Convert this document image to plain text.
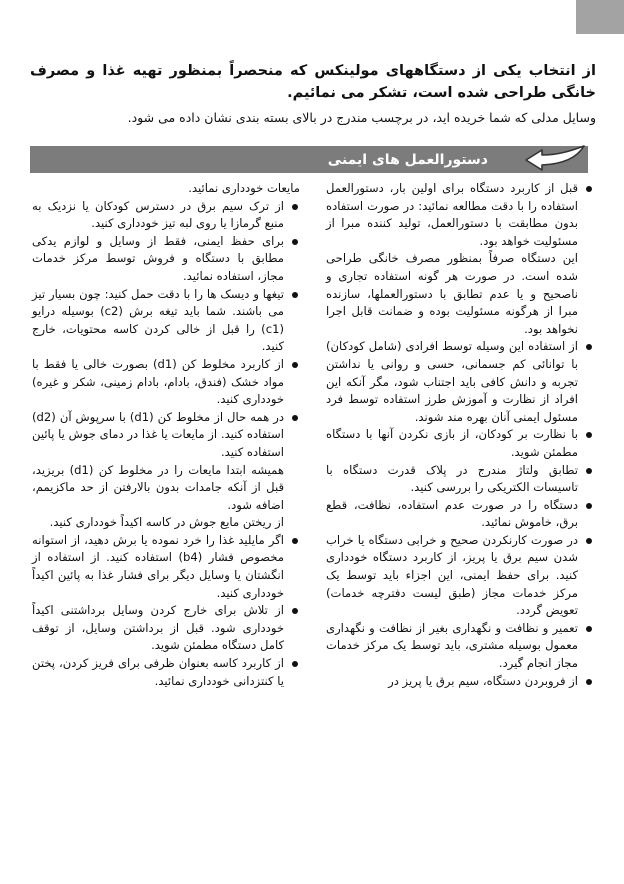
از انتخاب یکی از دستگاههای مولینکس که منحصراً بمنظور تهیه غذا و مصرف خانگی طراحی شده است، تشکر می نمائیم.

وسایل مدلی که شما خریده اید، در برچسب مندرج در بالای بسته بندی نشان داده می شود.

دستورالعمل های ایمنی

قبل از کاربرد دستگاه برای اولین بار، دستورالعمل استفاده را با دقت مطالعه نمائید: در صورت استفاده بدون مطابقت با دستورالعمل، تولید کننده مبرا از مسئولیت خواهد بود.

این دستگاه صرفاً بمنظور مصرف خانگی طراحی شده است. در صورت هر گونه استفاده تجاری و ناصحیح و یا عدم تطابق با دستورالعملها، سازنده مبرا از هرگونه مسئولیت بوده و ضمانت قابل اجرا نخواهد بود.

از استفاده این وسیله توسط افرادی (شامل کودکان) با توانائی کم جسمانی، حسی و روانی یا نداشتن تجربه و دانش کافی باید اجتناب شود، مگر آنکه این افراد از نظارت و آموزش طرز استفاده توسط فرد مسئول ایمنی آنان بهره مند شوند.

با نظارت بر کودکان، از بازی نکردن آنها با دستگاه مطمئن شوید.

تطابق ولتاژ مندرج در پلاک قدرت دستگاه با تاسیسات الکتریکی را بررسی کنید.

دستگاه را در صورت عدم استفاده، نظافت، قطع برق، خاموش نمائید.

در صورت کارنکردن صحیح و خرابی دستگاه یا خراب شدن سیم برق یا پریز، از کاربرد دستگاه خودداری کنید. برای حفظ ایمنی، این اجزاء باید توسط یک مرکز خدمات مجاز (طبق لیست دفترچه خدمات) تعویض گردد.

تعمیر و نظافت و نگهداری بغیر از نظافت و نگهداری معمول بوسیله مشتری، باید توسط یک مرکز خدمات مجاز انجام گیرد.

از فروبردن دستگاه، سیم برق یا پریز در

مایعات خودداری نمائید.

از ترک سیم برق در دسترس کودکان یا نزدیک به منبع گرمازا یا روی لبه تیز خودداری کنید.

برای حفظ ایمنی، فقط از وسایل و لوازم یدکی مطابق با دستگاه و فروش توسط مرکز خدمات مجاز، استفاده نمائید.

تیغها و دیسک ها را با دقت حمل کنید: چون بسیار تیز می باشند. شما باید تیغه برش (c2) بوسیله درایو (c1) را قبل از خالی کردن کاسه محتویات، خارج کنید.

از کاربرد مخلوط کن (d1) بصورت خالی یا فقط با مواد خشک (فندق، بادام، بادام زمینی، شکر و غیره) خودداری کنید.

در همه حال از مخلوط کن (d1) با سرپوش آن (d2) استفاده کنید. از مایعات یا غذا در دمای جوش یا پائین استفاده کنید.

همیشه ابتدا مایعات را در مخلوط کن (d1) بریزید، قبل از آنکه جامدات بدون بالارفتن از حد ماکزیمم، اضافه شود.

از ریختن مایع جوش در کاسه اکیداً خودداری کنید.

اگر مایلید غذا را خرد نموده یا برش دهید، از استوانه مخصوص فشار (b4) استفاده کنید. از استفاده از انگشتان یا وسایل دیگر برای فشار غذا به پائین اکیداً خودداری کنید.

از تلاش برای خارج کردن وسایل برداشتنی اکیداً خودداری شود. قبل از برداشتن وسایل، از توقف کامل دستگاه مطمئن شوید.

از کاربرد کاسه بعنوان ظرفی برای فریز کردن، پختن یا کنتزدانی خودداری نمائید.
